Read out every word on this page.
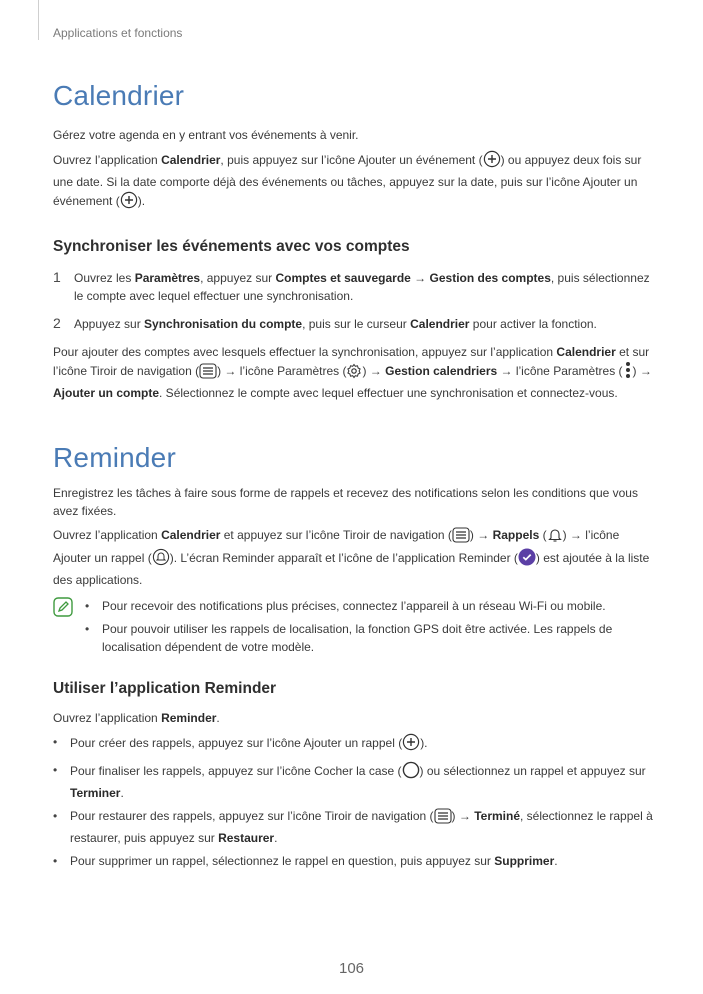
Applications et fonctions
Calendrier

Gérez votre agenda en y entrant vos événements à venir.

Ouvrez l’application Calendrier, puis appuyez sur l’icône Ajouter un événement ( ) ou appuyez deux fois sur une date. Si la date comporte déjà des événements ou tâches, appuyez sur la date, puis sur l’icône Ajouter un événement ( ).

Synchroniser les événements avec vos comptes
1 Ouvrez les Paramètres, appuyez sur Comptes et sauvegarde → Gestion des comptes, puis sélectionnez le compte avec lequel effectuer une synchronisation.
2 Appuyez sur Synchronisation du compte, puis sur le curseur Calendrier pour activer la fonction.

Pour ajouter des comptes avec lesquels effectuer la synchronisation, appuyez sur l’application Calendrier et sur l’icône Tiroir de navigation ( ) → l’icône Paramètres ( ) → Gestion calendriers → l’icône Paramètres ( ) → Ajouter un compte. Sélectionnez le compte avec lequel effectuer une synchronisation et connectez-vous.

Reminder

Enregistrez les tâches à faire sous forme de rappels et recevez des notifications selon les conditions que vous avez fixées.

Ouvrez l’application Calendrier et appuyez sur l’icône Tiroir de navigation ( ) → Rappels ( ) → l’icône Ajouter un rappel ( ). L’écran Reminder apparaît et l’icône de l’application Reminder ( ) est ajoutée à la liste des applications.

• Pour recevoir des notifications plus précises, connectez l’appareil à un réseau Wi-Fi ou mobile.
• Pour pouvoir utiliser les rappels de localisation, la fonction GPS doit être activée. Les rappels de localisation dépendent de votre modèle.
Utiliser l’application Reminder

Ouvrez l’application Reminder.

• Pour créer des rappels, appuyez sur l’icône Ajouter un rappel ( ).
• Pour finaliser les rappels, appuyez sur l’icône Cocher la case ( ) ou sélectionnez un rappel et appuyez sur Terminer.
• Pour restaurer des rappels, appuyez sur l’icône Tiroir de navigation ( ) → Terminé, sélectionnez le rappel à restaurer, puis appuyez sur Restaurer.
• Pour supprimer un rappel, sélectionnez le rappel en question, puis appuyez sur Supprimer.
106
